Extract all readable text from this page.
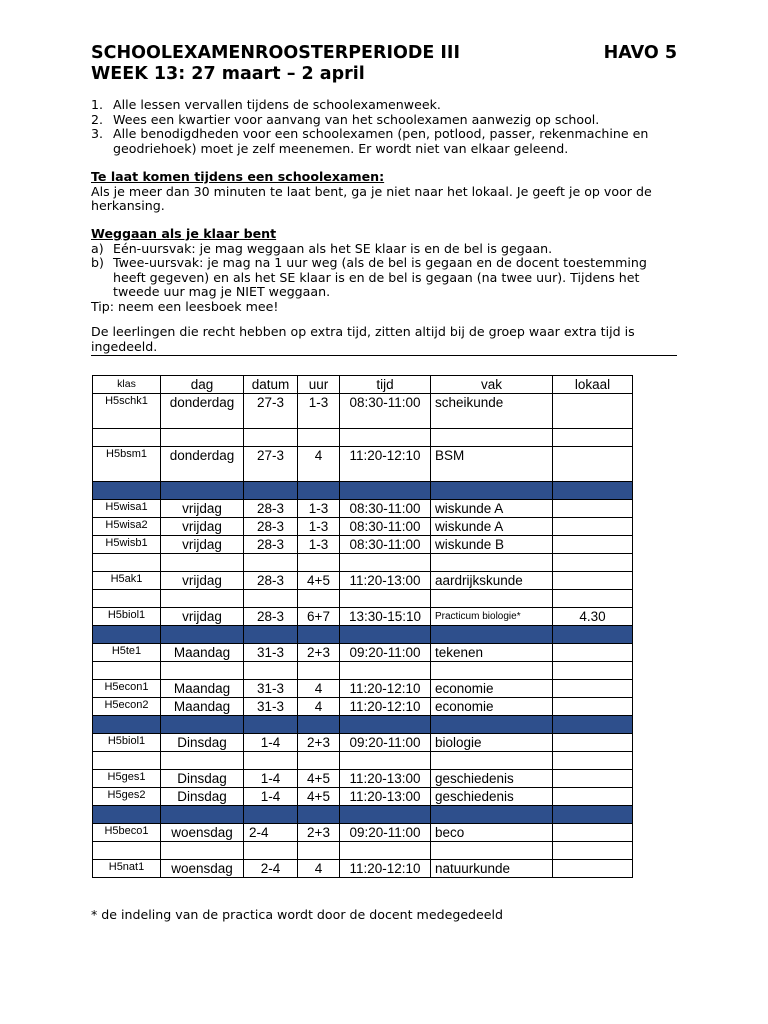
SCHOOLEXAMENROOSTERPERIODE III	HAVO 5
WEEK 13: 27 maart – 2 april
1. Alle lessen vervallen tijdens de schoolexamenweek.
2. Wees een kwartier voor aanvang van het schoolexamen aanwezig op school.
3. Alle benodigdheden voor een schoolexamen (pen, potlood, passer, rekenmachine en geodriehoek) moet je zelf meenemen. Er wordt niet van elkaar geleend.
Te laat komen tijdens een schoolexamen:
Als je meer dan 30 minuten te laat bent, ga je niet naar het lokaal. Je geeft je op voor de herkansing.
Weggaan als je klaar bent
a) Eén-uursvak: je mag weggaan als het SE klaar is en de bel is gegaan.
b) Twee-uursvak: je mag na 1 uur weg (als de bel is gegaan en de docent toestemming heeft gegeven) en als het SE klaar is en de bel is gegaan (na twee uur). Tijdens het tweede uur mag je NIET weggaan.
Tip: neem een leesboek mee!
De leerlingen die recht hebben op extra tijd, zitten altijd bij de groep waar extra tijd is ingedeeld.
klas	dag	datum	uur	tijd	vak	lokaal
H5schk1	donderdag	27-3	1-3	08:30-11:00	scheikunde	

H5bsm1	donderdag	27-3	4	11:20-12:10	BSM	

H5wisa1	vrijdag	28-3	1-3	08:30-11:00	wiskunde A	
H5wisa2	vrijdag	28-3	1-3	08:30-11:00	wiskunde A	
H5wisb1	vrijdag	28-3	1-3	08:30-11:00	wiskunde B	

H5ak1	vrijdag	28-3	4+5	11:20-13:00	aardrijkskunde	

H5biol1	vrijdag	28-3	6+7	13:30-15:10	Practicum biologie*	4.30

H5te1	Maandag	31-3	2+3	09:20-11:00	tekenen	

H5econ1	Maandag	31-3	4	11:20-12:10	economie	
H5econ2	Maandag	31-3	4	11:20-12:10	economie	

H5biol1	Dinsdag	1-4	2+3	09:20-11:00	biologie	

H5ges1	Dinsdag	1-4	4+5	11:20-13:00	geschiedenis	
H5ges2	Dinsdag	1-4	4+5	11:20-13:00	geschiedenis	

H5beco1	woensdag	2-4	2+3	09:20-11:00	beco	

H5nat1	woensdag	2-4	4	11:20-12:10	natuurkunde	
* de indeling van de practica wordt door de docent medegedeeld
